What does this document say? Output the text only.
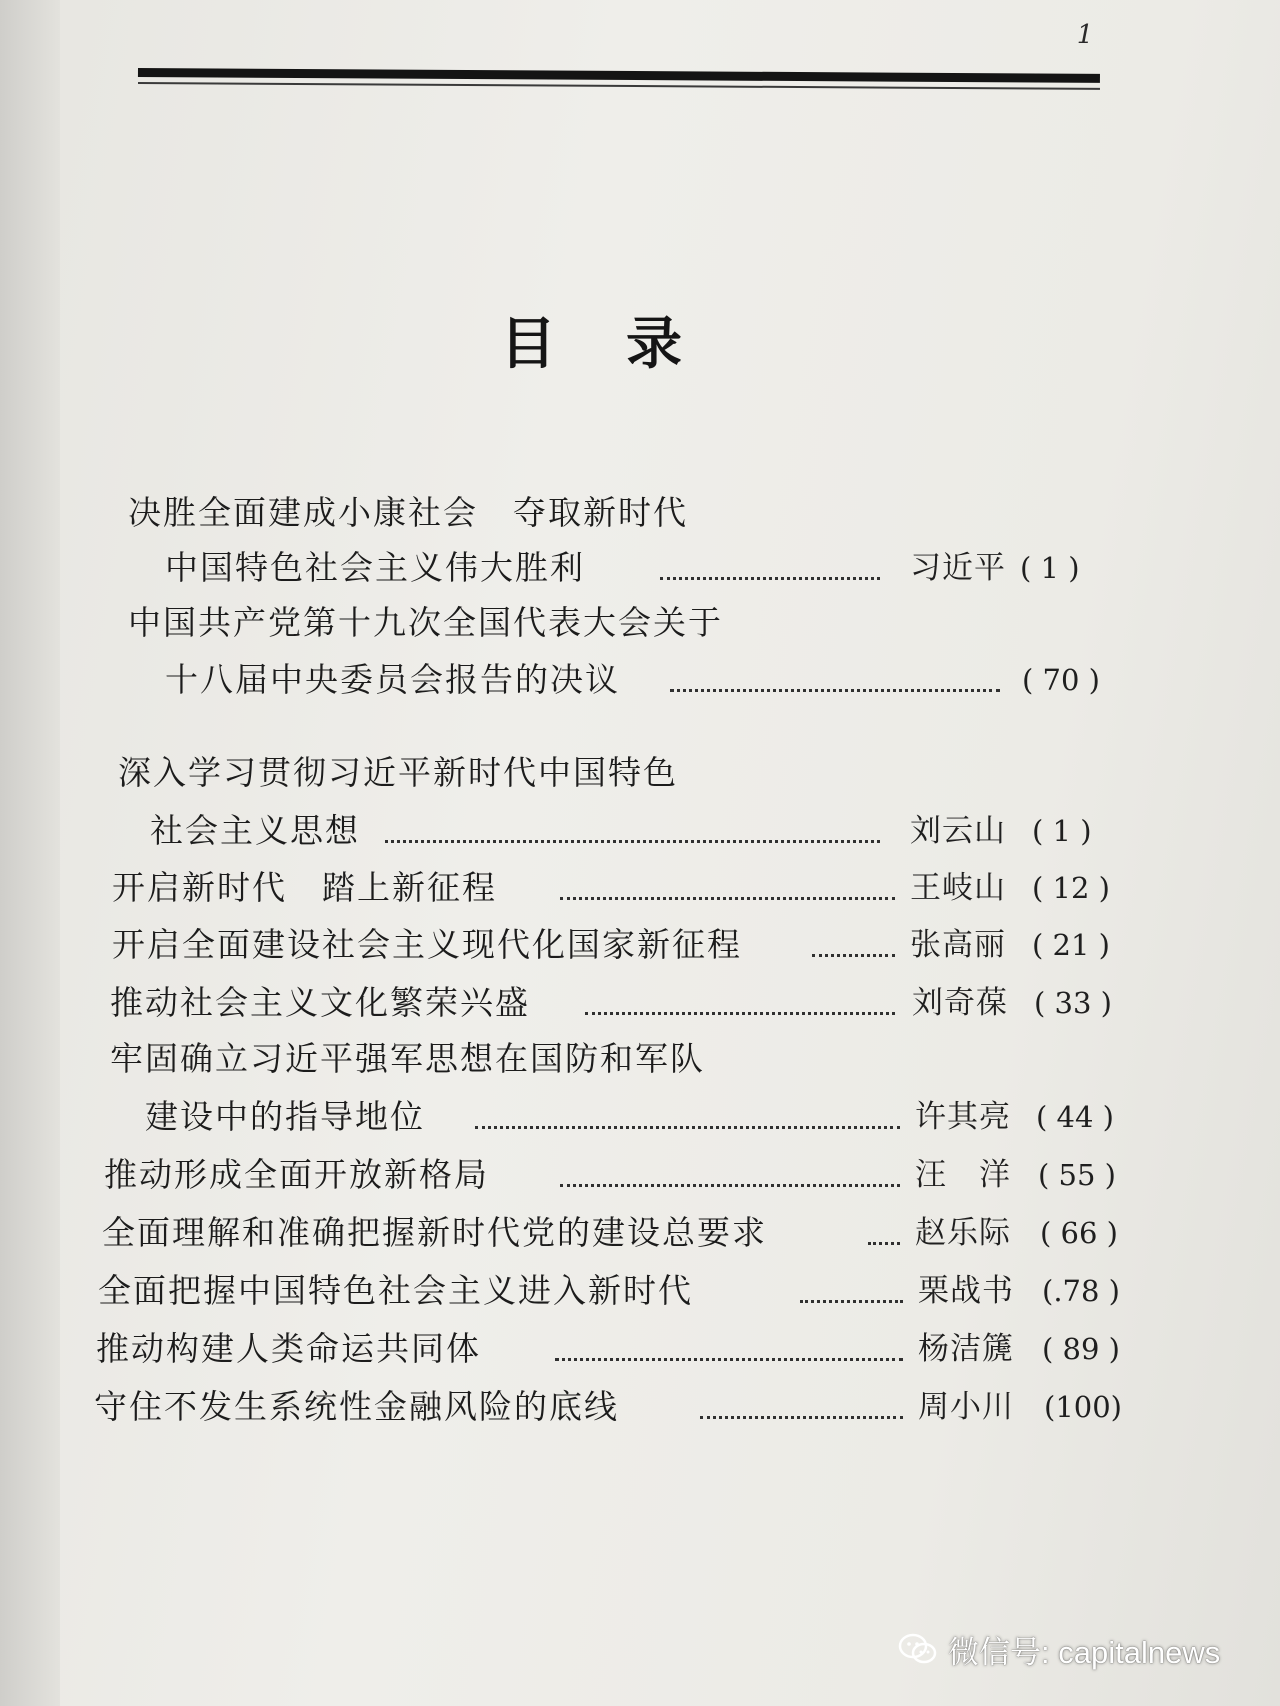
1
目录
决胜全面建成小康社会　夺取新时代
中国特色社会主义伟大胜利	习近平 ( 1 )
中国共产党第十九次全国代表大会关于
十八届中央委员会报告的决议	( 70 )
深入学习贯彻习近平新时代中国特色
社会主义思想	刘云山 ( 1 )
开启新时代　踏上新征程	王岐山 ( 12 )
开启全面建设社会主义现代化国家新征程	张高丽 ( 21 )
推动社会主义文化繁荣兴盛	刘奇葆 ( 33 )
牢固确立习近平强军思想在国防和军队
建设中的指导地位	许其亮 ( 44 )
推动形成全面开放新格局	汪　洋 ( 55 )
全面理解和准确把握新时代党的建设总要求	赵乐际 ( 66 )
全面把握中国特色社会主义进入新时代	栗战书 (.78 )
推动构建人类命运共同体	杨洁篪 ( 89 )
守住不发生系统性金融风险的底线	周小川 (100)
微信号: capitalnews
